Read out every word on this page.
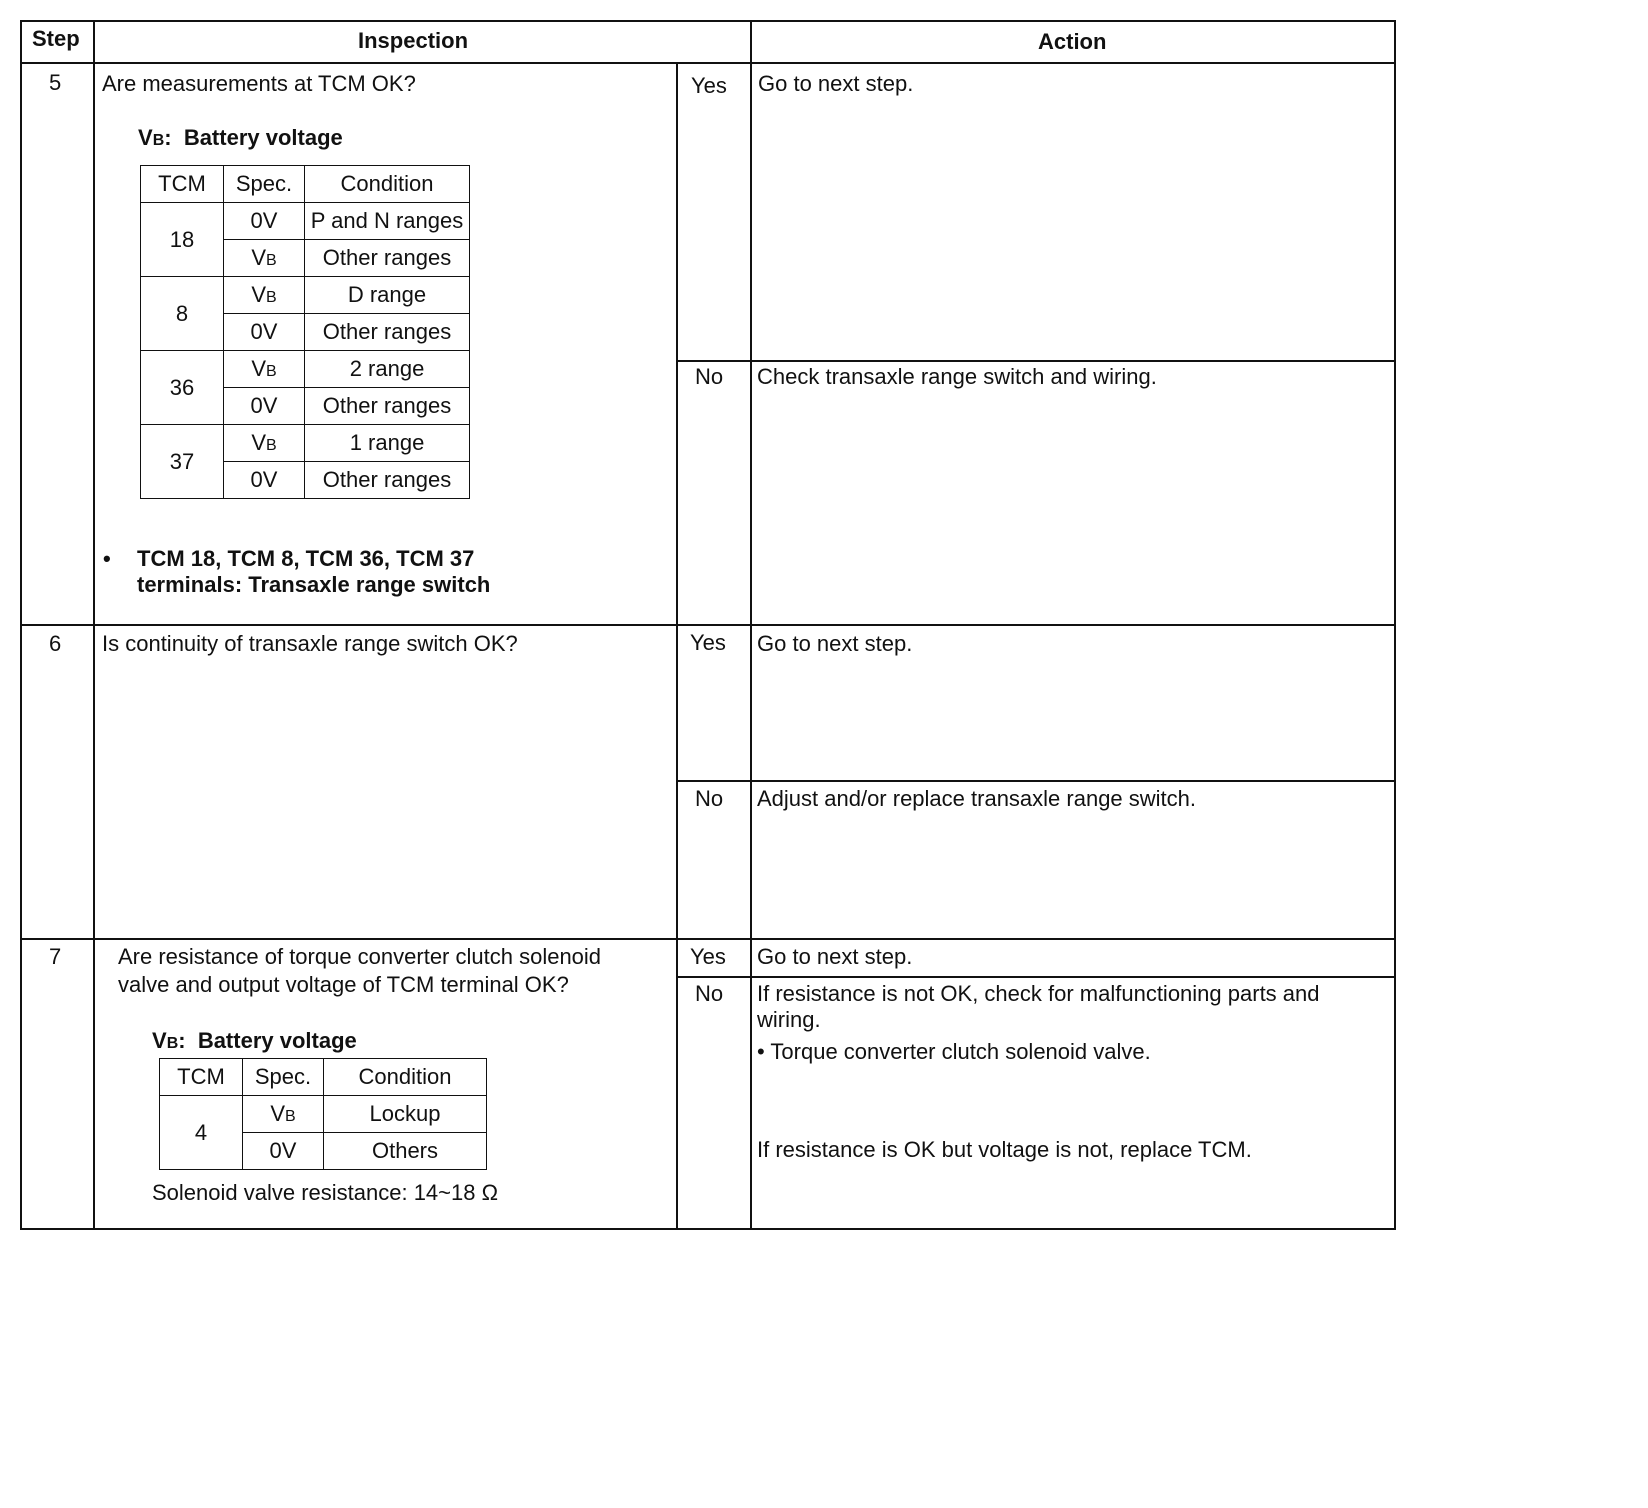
Step	Inspection	Action
5 Are measurements at TCM OK?
VB: Battery voltage
TCM	Spec.	Condition
18	0V	P and N ranges
	VB	Other ranges
8	VB	D range
	0V	Other ranges
36	VB	2 range
	0V	Other ranges
37	VB	1 range
	0V	Other ranges
• TCM 18, TCM 8, TCM 36, TCM 37
terminals: Transaxle range switch
Yes Go to next step.
No Check transaxle range switch and wiring.
6 Is continuity of transaxle range switch OK?	Yes Go to next step.
No Adjust and/or replace transaxle range switch.
7	Are resistance of torque converter clutch solenoid
valve and output voltage of TCM terminal OK?
VB: Battery voltage
TCM	Spec.	Condition
4	VB	Lockup
	0V	Others
Solenoid valve resistance: 14~18 Ω
Yes Go to next step.
No If resistance is not OK, check for malfunctioning parts and
wiring.
• Torque converter clutch solenoid valve.
If resistance is OK but voltage is not, replace TCM.
